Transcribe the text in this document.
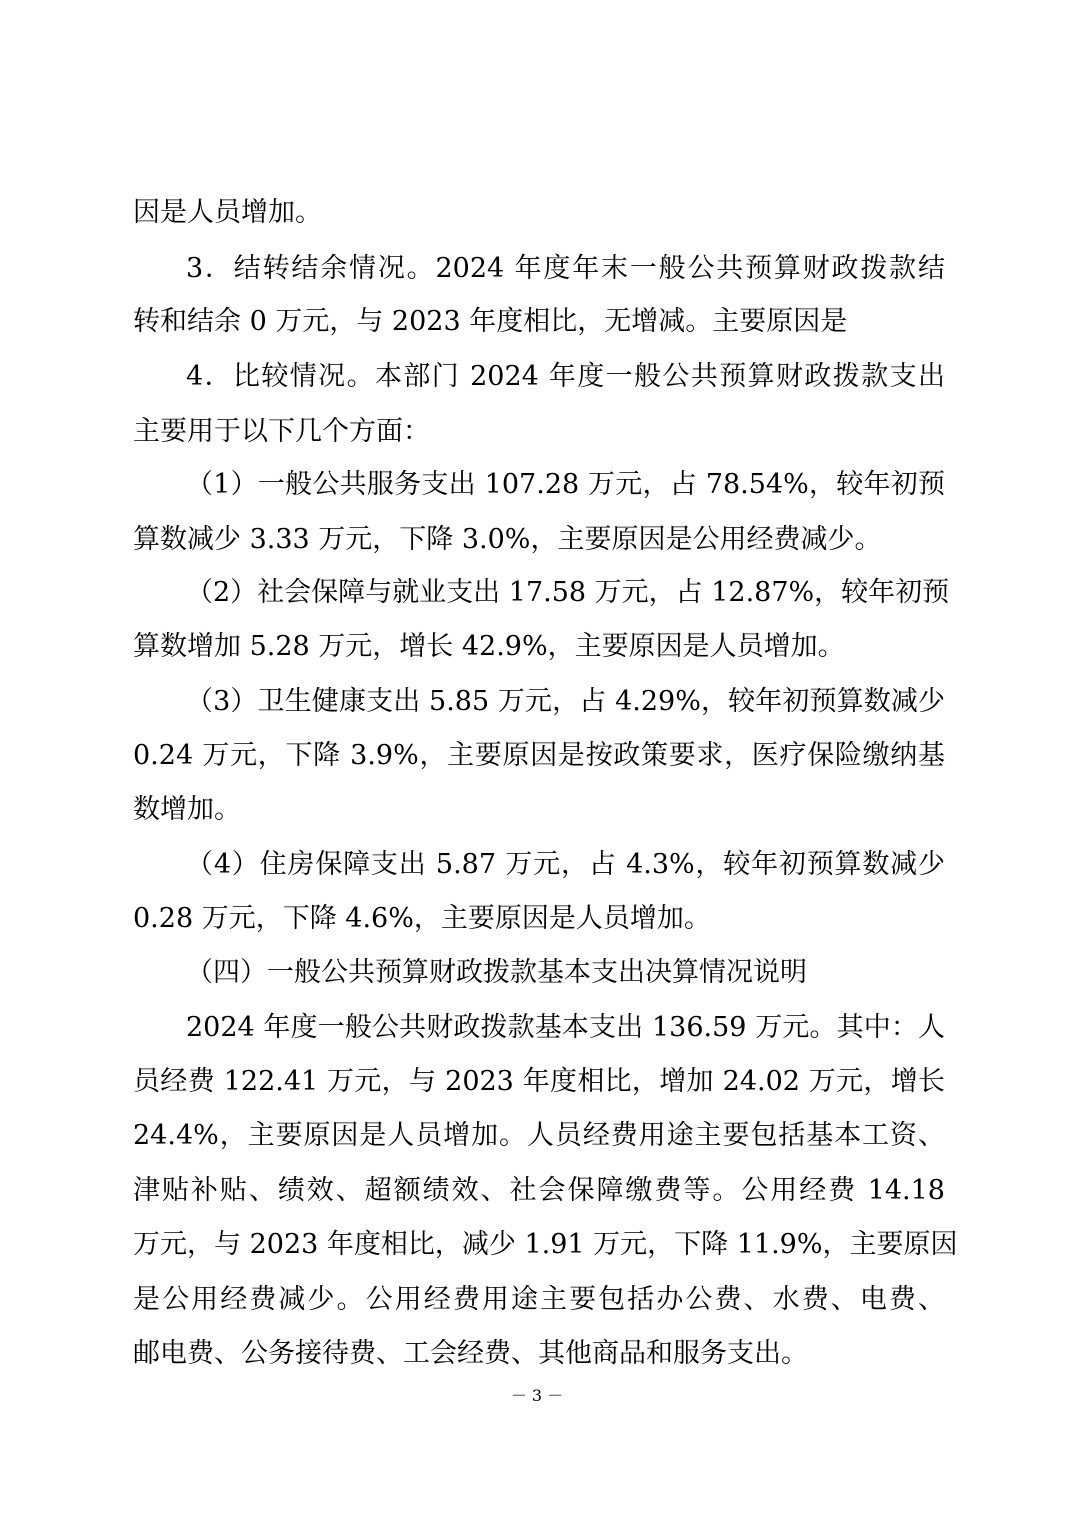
因是人员增加。
3．结转结余情况。2024 年度年末一般公共预算财政拨款结
转和结余 0 万元，与 2023 年度相比，无增减。主要原因是
4．比较情况。本部门 2024 年度一般公共预算财政拨款支出
主要用于以下几个方面：
（1）一般公共服务支出 107.28 万元，占 78.54%，较年初预
算数减少 3.33 万元，下降 3.0%，主要原因是公用经费减少。
（2）社会保障与就业支出 17.58 万元，占 12.87%，较年初预
算数增加 5.28 万元，增长 42.9%，主要原因是人员增加。
（3）卫生健康支出 5.85 万元，占 4.29%，较年初预算数减少
0.24 万元，下降 3.9%，主要原因是按政策要求，医疗保险缴纳基
数增加。
（4）住房保障支出 5.87 万元，占 4.3%，较年初预算数减少
0.28 万元，下降 4.6%，主要原因是人员增加。
（四）一般公共预算财政拨款基本支出决算情况说明
2024 年度一般公共财政拨款基本支出 136.59 万元。其中：人
员经费 122.41 万元，与 2023 年度相比，增加 24.02 万元，增长
24.4%，主要原因是人员增加。人员经费用途主要包括基本工资、
津贴补贴、绩效、超额绩效、社会保障缴费等。公用经费 14.18
万元，与 2023 年度相比，减少 1.91 万元，下降 11.9%，主要原因
是公用经费减少。公用经费用途主要包括办公费、水费、电费、
邮电费、公务接待费、工会经费、其他商品和服务支出。
－ 3 －
